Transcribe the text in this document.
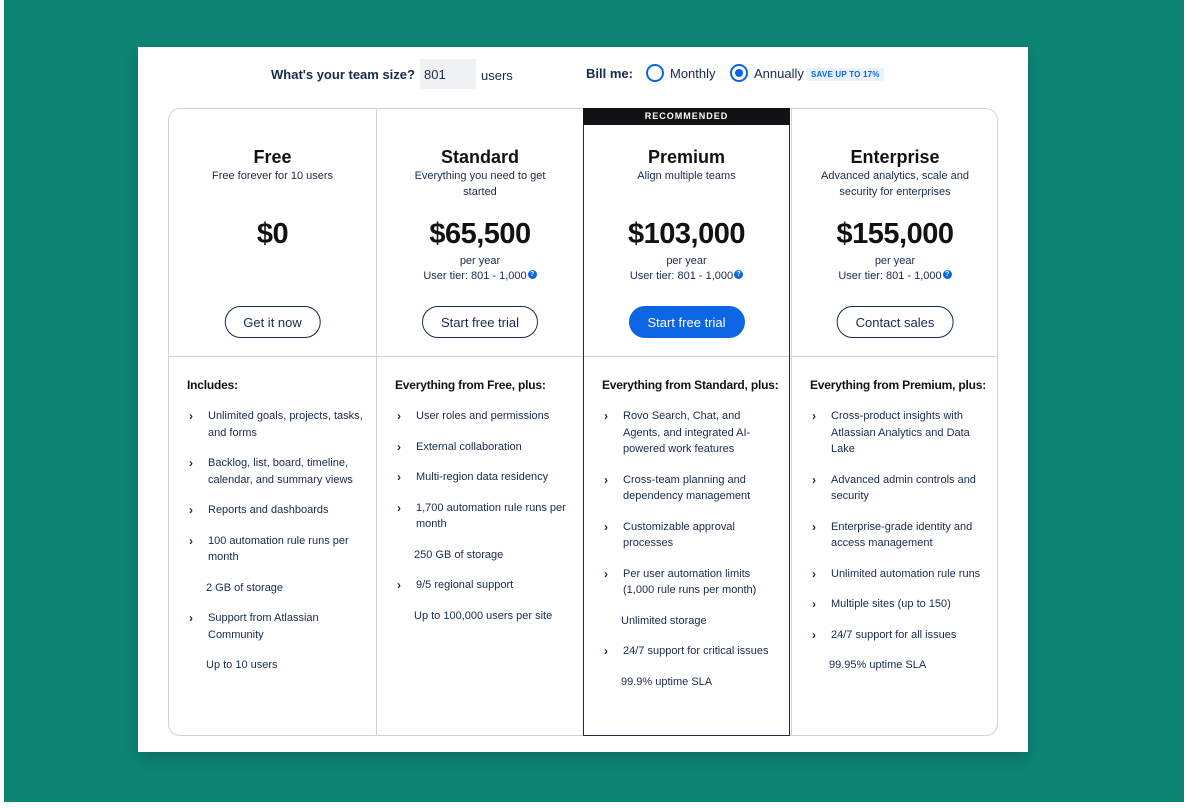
What's your team size?
801	users	Bill me:	Monthly	Annually SAVE UP TO 17%
Free
Free forever for 10 users
$0
Get it now
Includes:
› Unlimited goals, projects, tasks, and forms
› Backlog, list, board, timeline, calendar, and summary views
› Reports and dashboards
› 100 automation rule runs per month
2 GB of storage
› Support from Atlassian Community
Up to 10 users
Standard
Everything you need to get started
$65,500
per year
User tier: 801 - 1,000 ?
Start free trial
Everything from Free, plus:
› User roles and permissions
› External collaboration
› Multi-region data residency
› 1,700 automation rule runs per month
250 GB of storage
› 9/5 regional support
Up to 100,000 users per site
RECOMMENDED
Premium
Align multiple teams
$103,000
per year
User tier: 801 - 1,000 ?
Start free trial
Everything from Standard, plus:
› Rovo Search, Chat, and Agents, and integrated AI-powered work features
› Cross-team planning and dependency management
› Customizable approval processes
› Per user automation limits (1,000 rule runs per month)
Unlimited storage
› 24/7 support for critical issues
99.9% uptime SLA
Enterprise
Advanced analytics, scale and security for enterprises
$155,000
per year
User tier: 801 - 1,000 ?
Contact sales
Everything from Premium, plus:
› Cross-product insights with Atlassian Analytics and Data Lake
› Advanced admin controls and security
› Enterprise-grade identity and access management
› Unlimited automation rule runs
› Multiple sites (up to 150)
› 24/7 support for all issues
99.95% uptime SLA
